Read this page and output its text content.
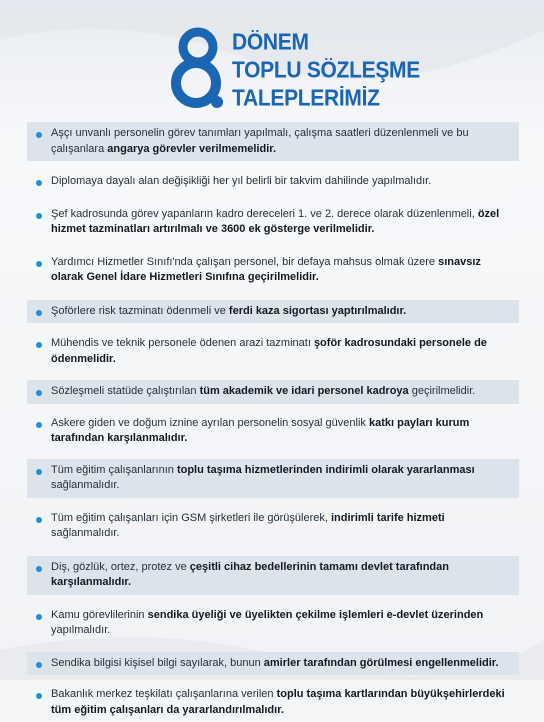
DÖNEM
TOPLU SÖZLEŞME
TALEPLERİMİZ
Aşçı unvanlı personelin görev tanımları yapılmalı, çalışma saatleri düzenlenmeli ve bu çalışanlara angarya görevler verilmemelidir.
Diplomaya dayalı alan değişikliği her yıl belirli bir takvim dahilinde yapılmalıdır.
Şef kadrosunda görev yapanların kadro dereceleri 1. ve 2. derece olarak düzenlenmeli, özel hizmet tazminatları artırılmalı ve 3600 ek gösterge verilmelidir.
Yardımcı Hizmetler Sınıfı'nda çalışan personel, bir defaya mahsus olmak üzere sınavsız olarak Genel İdare Hizmetleri Sınıfına geçirilmelidir.
Şoförlere risk tazminatı ödenmeli ve ferdi kaza sigortası yaptırılmalıdır.
Mühendis ve teknik personele ödenen arazi tazminatı şoför kadrosundaki personele de ödenmelidir.
Sözleşmeli statüde çalıştırılan tüm akademik ve idari personel kadroya geçirilmelidir.
Askere giden ve doğum iznine ayrılan personelin sosyal güvenlik katkı payları kurum tarafından karşılanmalıdır.
Tüm eğitim çalışanlarının toplu taşıma hizmetlerinden indirimli olarak yararlanması sağlanmalıdır.
Tüm eğitim çalışanları için GSM şirketleri ile görüşülerek, indirimli tarife hizmeti sağlanmalıdır.
Diş, gözlük, ortez, protez ve çeşitli cihaz bedellerinin tamamı devlet tarafından karşılanmalıdır.
Kamu görevlilerinin sendika üyeliği ve üyelikten çekilme işlemleri e-devlet üzerinden yapılmalıdır.
Sendika bilgisi kişisel bilgi sayılarak, bunun amirler tarafından görülmesi engellenmelidir.
Bakanlık merkez teşkilatı çalışanlarına verilen toplu taşıma kartlarından büyükşehirlerdeki tüm eğitim çalışanları da yararlandırılmalıdır.
